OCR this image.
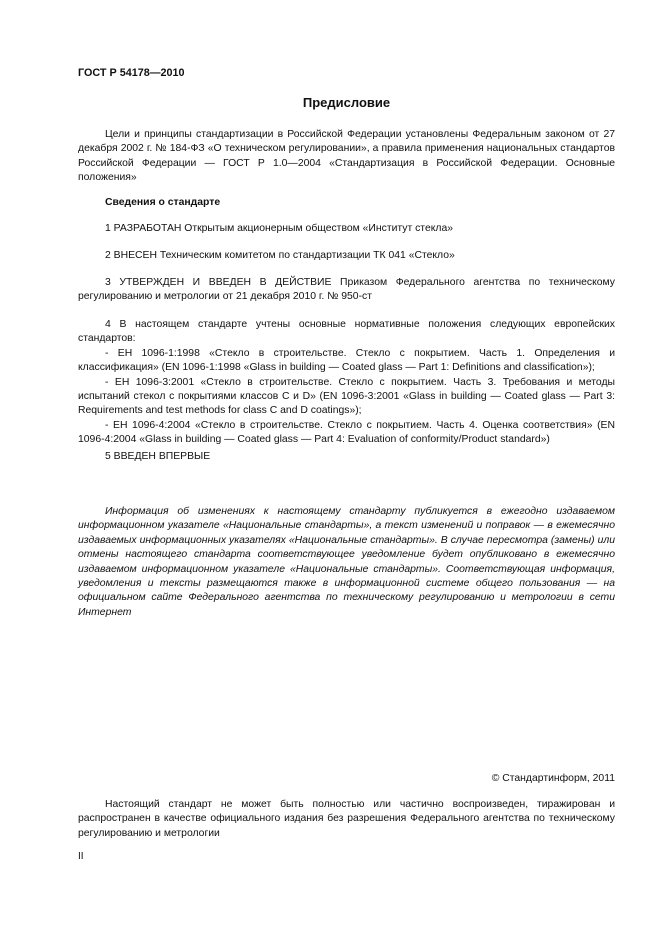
ГОСТ Р 54178—2010
Предисловие

Цели и принципы стандартизации в Российской Федерации установлены Федеральным законом от 27 декабря 2002 г. № 184-ФЗ «О техническом регулировании», а правила применения национальных стандартов Российской Федерации — ГОСТ Р 1.0—2004 «Стандартизация в Российской Федерации. Основные положения»

Сведения о стандарте
1 РАЗРАБОТАН Открытым акционерным обществом «Институт стекла»
2 ВНЕСЕН Техническим комитетом по стандартизации ТК 041 «Стекло»

3 УТВЕРЖДЕН И ВВЕДЕН В ДЕЙСТВИЕ Приказом Федерального агентства по техническому регулированию и метрологии от 21 декабря 2010 г. № 950-ст

4 В настоящем стандарте учтены основные нормативные положения следующих европейских стандартов:

- ЕН 1096-1:1998 «Стекло в строительстве. Стекло с покрытием. Часть 1. Определения и классификация» (EN 1096-1:1998 «Glass in building — Coated glass — Part 1: Definitions and classification»);

- ЕН 1096-3:2001 «Стекло в строительстве. Стекло с покрытием. Часть 3. Требования и методы испытаний стекол с покрытиями классов С и D» (EN 1096-3:2001 «Glass in building — Coated glass — Part 3: Requirements and test methods for class C and D coatings»);

- ЕН 1096-4:2004 «Стекло в строительстве. Стекло с покрытием. Часть 4. Оценка соответствия» (EN 1096-4:2004 «Glass in building — Coated glass — Part 4: Evaluation of conformity/Product standard»)

5 ВВЕДЕН ВПЕРВЫЕ

Информация об изменениях к настоящему стандарту публикуется в ежегодно издаваемом информационном указателе «Национальные стандарты», а текст изменений и поправок — в ежемесячно издаваемых информационных указателях «Национальные стандарты». В случае пересмотра (замены) или отмены настоящего стандарта соответствующее уведомление будет опубликовано в ежемесячно издаваемом информационном указателе «Национальные стандарты». Соответствующая информация, уведомления и тексты размещаются также в информационной системе общего пользования — на официальном сайте Федерального агентства по техническому регулированию и метрологии в сети Интернет

© Стандартинформ, 2011

Настоящий стандарт не может быть полностью или частично воспроизведен, тиражирован и распространен в качестве официального издания без разрешения Федерального агентства по техническому регулированию и метрологии

II
